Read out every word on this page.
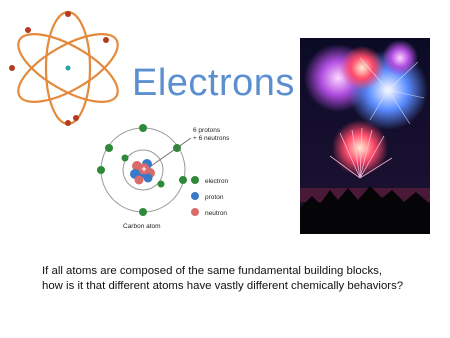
Electrons
+
6 protons
+ 6 neutrons
electron
proton
neutron
Carbon atom
If all atoms are composed of the same fundamental building blocks,
how is it that different atoms have vastly different chemically behaviors?
